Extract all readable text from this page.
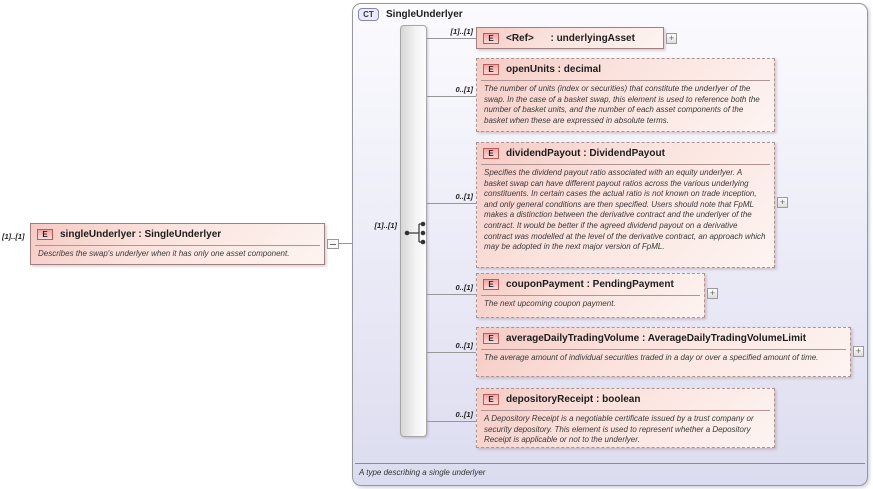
[1]..[1]	E	singleUnderlyer : SingleUnderlyer
Describes the swap's underlyer when it has only one asset component.
CT	SingleUnderlyer
A type describing a single underlyer
[1]..[1]
[1]..[1]
0..[1]
0..[1]
0..[1]
0..[1]
0..[1]
E	<Ref>      : underlyingAsset	+
E	openUnits : decimal
The number of units (index or securities) that constitute the underlyer of the swap. In the case of a basket swap, this element is used to reference both the number of basket units, and the number of each asset components of the basket when these are expressed in absolute terms.
E	dividendPayout : DividendPayout
Specifies the dividend payout ratio associated with an equity underlyer. A basket swap can have different payout ratios across the various underlying constituents. In certain cases the actual ratio is not known on trade inception, and only general conditions are then specified. Users should note that FpML makes a distinction between the derivative contract and the underlyer of the contract. It would be better if the agreed dividend payout on a derivative contract was modelled at the level of the derivative contract, an approach which may be adopted in the next major version of FpML.
+
E	couponPayment : PendingPayment
The next upcoming coupon payment.
+
E	averageDailyTradingVolume : AverageDailyTradingVolumeLimit
The average amount of individual securities traded in a day or over a specified amount of time.
+
E	depositoryReceipt : boolean
A Depository Receipt is a negotiable certificate issued by a trust company or security depository. This element is used to represent whether a Depository Receipt is applicable or not to the underlyer.
